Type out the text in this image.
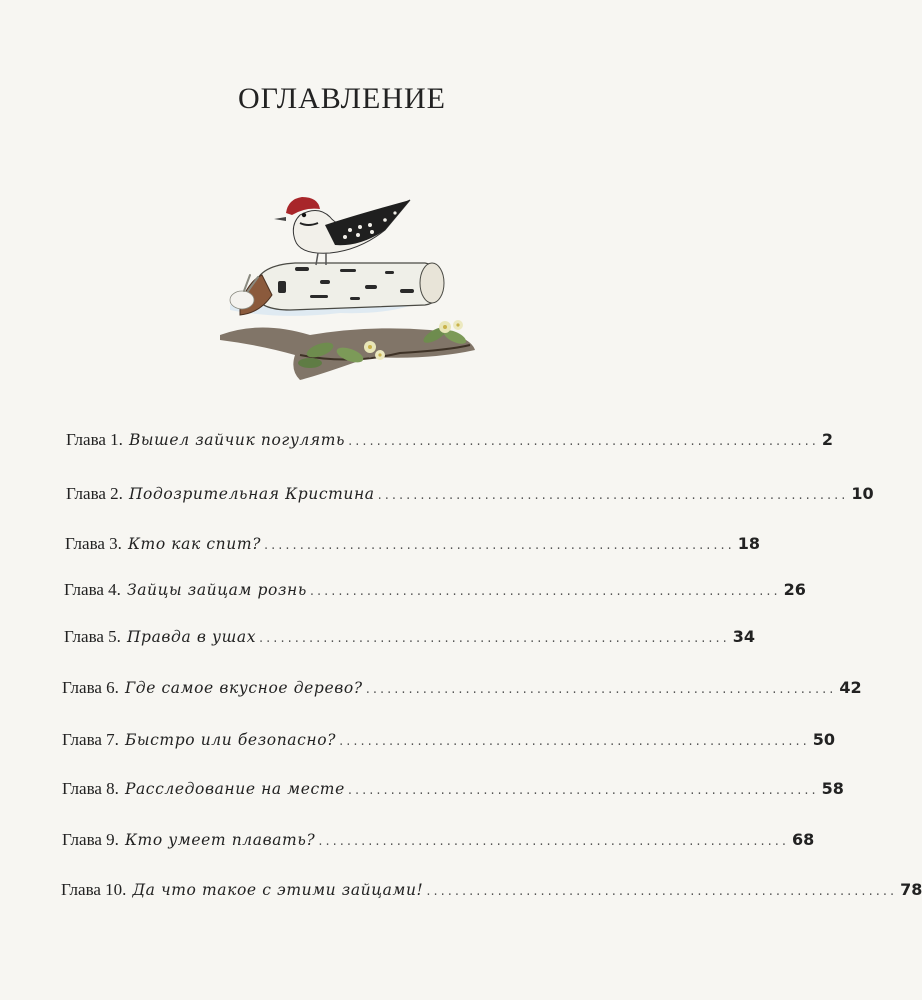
ОГЛАВЛЕНИЕ
Глава 1. Вышел зайчик погулять .................................................................. 2
Глава 2. Подозрительная Кристина .................................................................. 10
Глава 3. Кто как спит? .................................................................. 18
Глава 4. Зайцы зайцам рознь .................................................................. 26
Глава 5. Правда в ушах .................................................................. 34
Глава 6. Где самое вкусное дерево? .................................................................. 42
Глава 7. Быстро или безопасно? .................................................................. 50
Глава 8. Расследование на месте .................................................................. 58
Глава 9. Кто умеет плавать? .................................................................. 68
Глава 10. Да что такое с этими зайцами! .................................................................. 78
